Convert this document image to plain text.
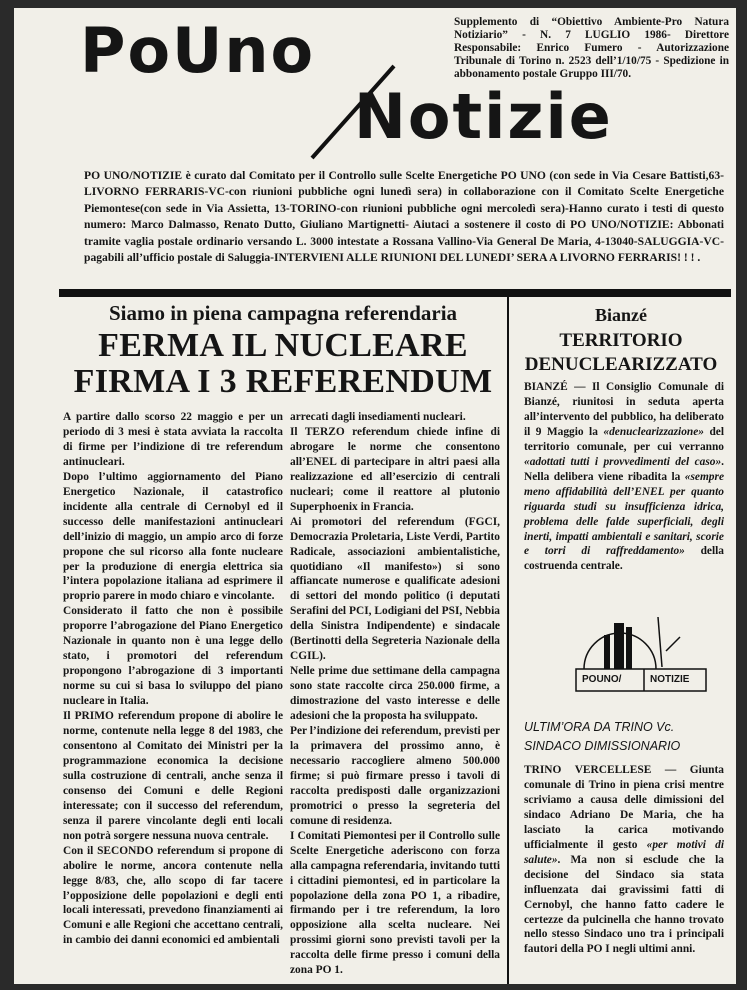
PoUno
Notizie
Supplemento di “Obiettivo Ambiente-Pro Natura Notiziario” - N. 7 LUGLIO 1986- Direttore Responsabile: Enrico Fumero - Autorizzazione Tribunale di Torino n. 2523 dell’1/10/75 - Spedizione in abbonamento postale Gruppo III/70.
PO UNO/NOTIZIE è curato dal Comitato per il Controllo sulle Scelte Energetiche PO UNO (con sede in Via Cesare Battisti,63-LIVORNO FERRARIS-VC-con riunioni pubbliche ogni lunedì sera) in collaborazione con il Comitato Scelte Energetiche Piemontese(con sede in Via Assietta, 13-TORINO-con riunioni pubbliche ogni mercoledì sera)-Hanno curato i testi di questo numero: Marco Dalmasso, Renato Dutto, Giuliano Martignetti- Aiutaci a sostenere il costo di PO UNO/NOTIZIE: Abbonati tramite vaglia postale ordinario versando L. 3000 intestate a Rossana Vallino-Via General De Maria, 4-13040-SALUGGIA-VC- pagabili all’ufficio postale di Saluggia-INTERVIENI ALLE RIUNIONI DEL LUNEDI’ SERA A LIVORNO FERRARIS! ! ! .
Siamo in piena campagna referendaria
FERMA IL NUCLEARE
FIRMA I 3 REFERENDUM

A partire dallo scorso 22 maggio e per un periodo di 3 mesi è stata avviata la raccolta di firme per l’indizione di tre referendum antinucleari.

Dopo l’ultimo aggiornamento del Piano Energetico Nazionale, il catastrofico incidente alla centrale di Cernobyl ed il successo delle manifestazioni antinucleari dell’inizio di maggio, un ampio arco di forze propone che sul ricorso alla fonte nucleare per la produzione di energia elettrica sia l’intera popolazione italiana ad esprimere il proprio parere in modo chiaro e vincolante.

Considerato il fatto che non è possibile proporre l’abrogazione del Piano Energetico Nazionale in quanto non è una legge dello stato, i promotori del referendum propongono l’abrogazione di 3 importanti norme su cui si basa lo sviluppo del piano nucleare in Italia.

Il PRIMO referendum propone di abolire le norme, contenute nella legge 8 del 1983, che consentono al Comitato dei Ministri per la programmazione economica la decisione sulla costruzione di centrali, anche senza il consenso dei Comuni e delle Regioni interessate; con il successo del referendum, senza il parere vincolante degli enti locali non potrà sorgere nessuna nuova centrale.

Con il SECONDO referendum si propone di abolire le norme, ancora contenute nella legge 8/83, che, allo scopo di far tacere l’opposizione delle popolazioni e degli enti locali interessati, prevedono finanziamenti ai Comuni e alle Regioni che accettano centrali, in cambio dei danni economici ed ambientali

arrecati dagli insediamenti nucleari.

Il TERZO referendum chiede infine di abrogare le norme che consentono all’ENEL di partecipare in altri paesi alla realizzazione ed all’esercizio di centrali nucleari; come il reattore al plutonio Superphoenix in Francia.

Ai promotori del referendum (FGCI, Democrazia Proletaria, Liste Verdi, Partito Radicale, associazioni ambientalistiche, quotidiano «Il manifesto») si sono affiancate numerose e qualificate adesioni di settori del mondo politico (i deputati Serafini del PCI, Lodigiani del PSI, Nebbia della Sinistra Indipendente) e sindacale (Bertinotti della Segreteria Nazionale della CGIL).

Nelle prime due settimane della campagna sono state raccolte circa 250.000 firme, a dimostrazione del vasto interesse e delle adesioni che la proposta ha sviluppato.

Per l’indizione dei referendum, previsti per la primavera del prossimo anno, è necessario raccogliere almeno 500.000 firme; si può firmare presso i tavoli di raccolta predisposti dalle organizzazioni promotrici o presso la segreteria del comune di residenza.

I Comitati Piemontesi per il Controllo sulle Scelte Energetiche aderiscono con forza alla campagna referendaria, invitando tutti i cittadini piemontesi, ed in particolare la popolazione della zona PO 1, a ribadire, firmando per i tre referendum, la loro opposizione alla scelta nucleare. Nei prossimi giorni sono previsti tavoli per la raccolta delle firme presso i comuni della zona PO 1.

Bianzé
TERRITORIO
DENUCLEARIZZATO

BIANZÉ — Il Consiglio Comunale di Bianzé, riunitosi in seduta aperta all’intervento del pubblico, ha deliberato il 9 Maggio la «denuclearizzazione» del territorio comunale, per cui verranno «adottati tutti i provvedimenti del caso». Nella delibera viene ribadita la «sempre meno affidabilità dell’ENEL per quanto riguarda studi su insufficienza idrica, problema delle falde superficiali, degli inerti, impatti ambientali e sanitari, scorie e torri di raffreddamento» della costruenda centrale.

POUNO/	NOTIZIE
ULTIM’ORA DA TRINO Vc.
SINDACO DIMISSIONARIO

TRINO VERCELLESE — Giunta comunale di Trino in piena crisi mentre scriviamo a causa delle dimissioni del sindaco Adriano De Maria, che ha lasciato la carica motivando ufficialmente il gesto «per motivi di salute». Ma non si esclude che la decisione del Sindaco sia stata influenzata dai gravissimi fatti di Cernobyl, che hanno fatto cadere le certezze da pulcinella che hanno trovato nello stesso Sindaco uno tra i principali fautori della PO I negli ultimi anni.
